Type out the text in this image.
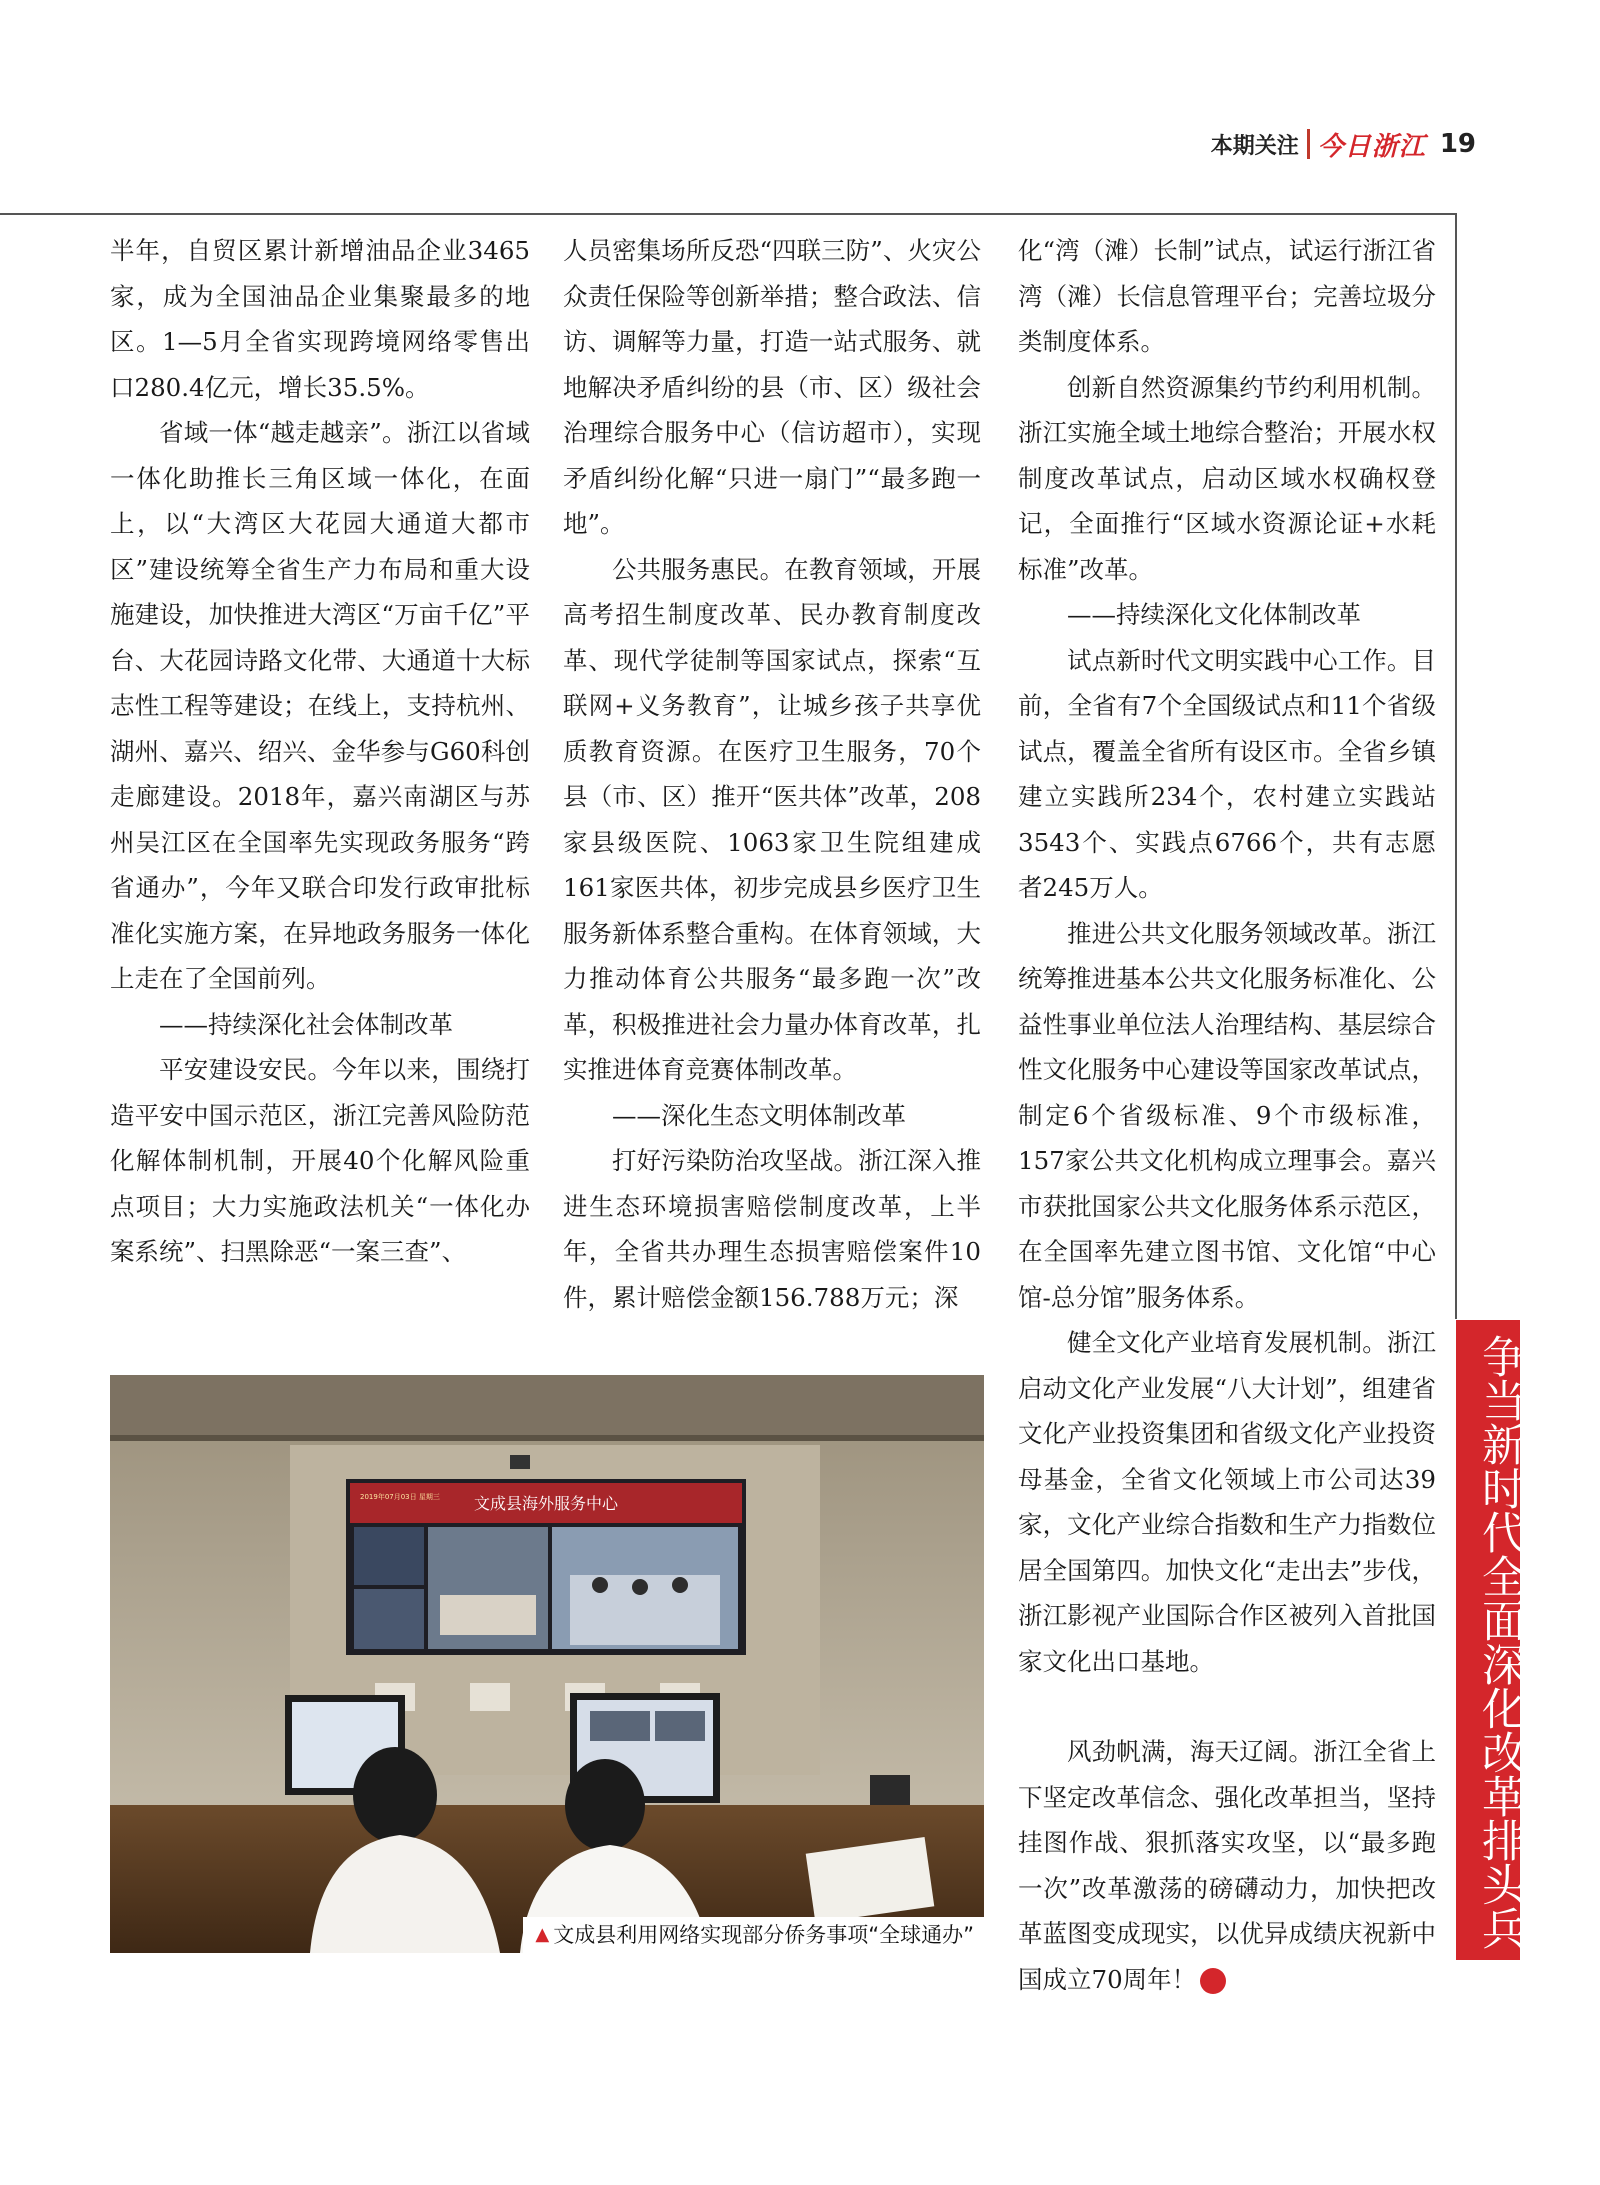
本期关注 今日浙江 19

半年，自贸区累计新增油品企业3465家，成为全国油品企业集聚最多的地区。1—5月全省实现跨境网络零售出口280.4亿元，增长35.5%。

省域一体“越走越亲”。浙江以省域一体化助推长三角区域一体化，在面上，以“大湾区大花园大通道大都市区”建设统筹全省生产力布局和重大设施建设，加快推进大湾区“万亩千亿”平台、大花园诗路文化带、大通道十大标志性工程等建设；在线上，支持杭州、湖州、嘉兴、绍兴、金华参与G60科创走廊建设。2018年，嘉兴南湖区与苏州吴江区在全国率先实现政务服务“跨省通办”，今年又联合印发行政审批标准化实施方案，在异地政务服务一体化上走在了全国前列。

——持续深化社会体制改革

平安建设安民。今年以来，围绕打造平安中国示范区，浙江完善风险防范化解体制机制，开展40个化解风险重点项目；大力实施政法机关“一体化办案系统”、扫黑除恶“一案三查”、

人员密集场所反恐“四联三防”、火灾公众责任保险等创新举措；整合政法、信访、调解等力量，打造一站式服务、就地解决矛盾纠纷的县（市、区）级社会治理综合服务中心（信访超市），实现矛盾纠纷化解“只进一扇门”“最多跑一地”。

公共服务惠民。在教育领域，开展高考招生制度改革、民办教育制度改革、现代学徒制等国家试点，探索“互联网+义务教育”，让城乡孩子共享优质教育资源。在医疗卫生服务，70个县（市、区）推开“医共体”改革，208家县级医院、1063家卫生院组建成161家医共体，初步完成县乡医疗卫生服务新体系整合重构。在体育领域，大力推动体育公共服务“最多跑一次”改革，积极推进社会力量办体育改革，扎实推进体育竞赛体制改革。

——深化生态文明体制改革

打好污染防治攻坚战。浙江深入推进生态环境损害赔偿制度改革，上半年，全省共办理生态损害赔偿案件10件，累计赔偿金额156.788万元；深

化“湾（滩）长制”试点，试运行浙江省湾（滩）长信息管理平台；完善垃圾分类制度体系。

创新自然资源集约节约利用机制。浙江实施全域土地综合整治；开展水权制度改革试点，启动区域水权确权登记，全面推行“区域水资源论证+水耗标准”改革。

——持续深化文化体制改革

试点新时代文明实践中心工作。目前，全省有7个全国级试点和11个省级试点，覆盖全省所有设区市。全省乡镇建立实践所234个，农村建立实践站3543个、实践点6766个，共有志愿者245万人。

推进公共文化服务领域改革。浙江统筹推进基本公共文化服务标准化、公益性事业单位法人治理结构、基层综合性文化服务中心建设等国家改革试点，制定6个省级标准、9个市级标准，157家公共文化机构成立理事会。嘉兴市获批国家公共文化服务体系示范区，在全国率先建立图书馆、文化馆“中心馆-总分馆”服务体系。

健全文化产业培育发展机制。浙江启动文化产业发展“八大计划”，组建省文化产业投资集团和省级文化产业投资母基金，全省文化领域上市公司达39家，文化产业综合指数和生产力指数位居全国第四。加快文化“走出去”步伐，浙江影视产业国际合作区被列入首批国家文化出口基地。

风劲帆满，海天辽阔。浙江全省上下坚定改革信念、强化改革担当，坚持挂图作战、狠抓落实攻坚，以“最多跑一次”改革激荡的磅礴动力，加快把改革蓝图变成现实，以优异成绩庆祝新中国成立70周年！	今

文成县海外服务中心
2019年07月03日 星期三
▲ 文成县利用网络实现部分侨务事项“全球通办”	争当新时代全面深化改革排头兵
